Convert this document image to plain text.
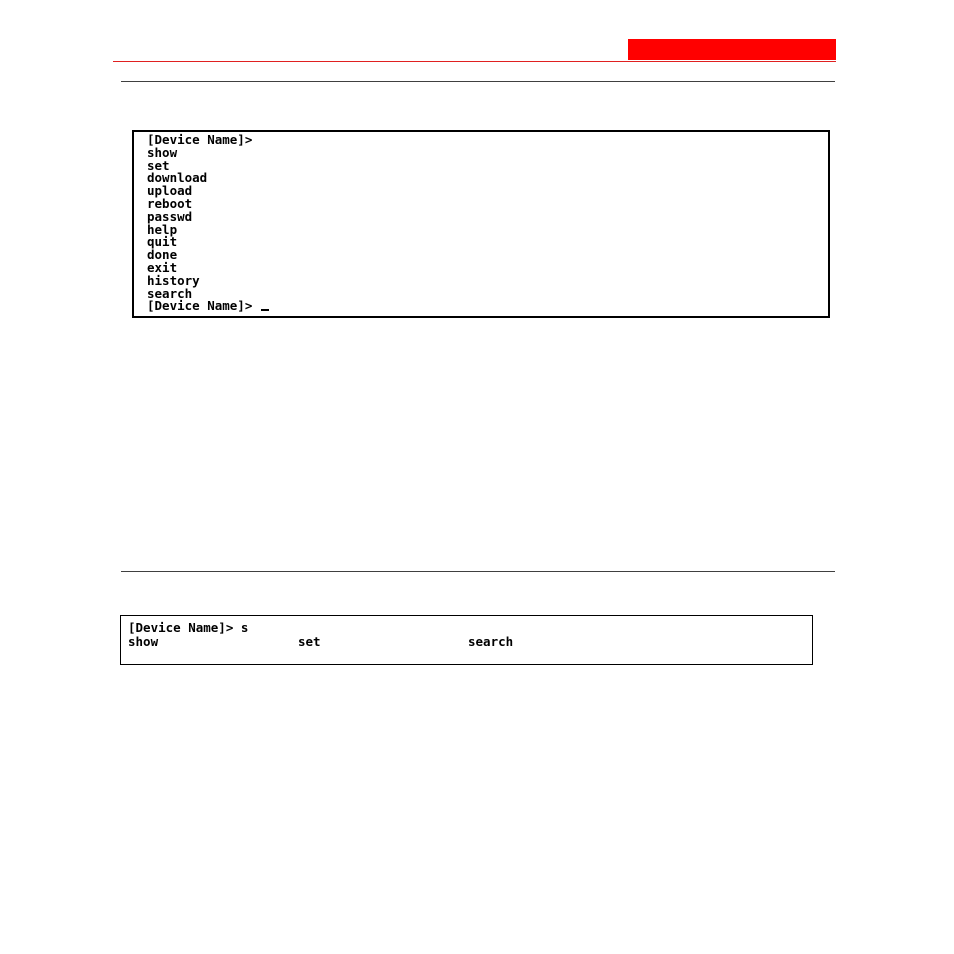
[Device Name]>
show
set
download
upload
reboot
passwd
help
quit
done
exit
history
search
[Device Name]>
[Device Name]> s
show	set	search
